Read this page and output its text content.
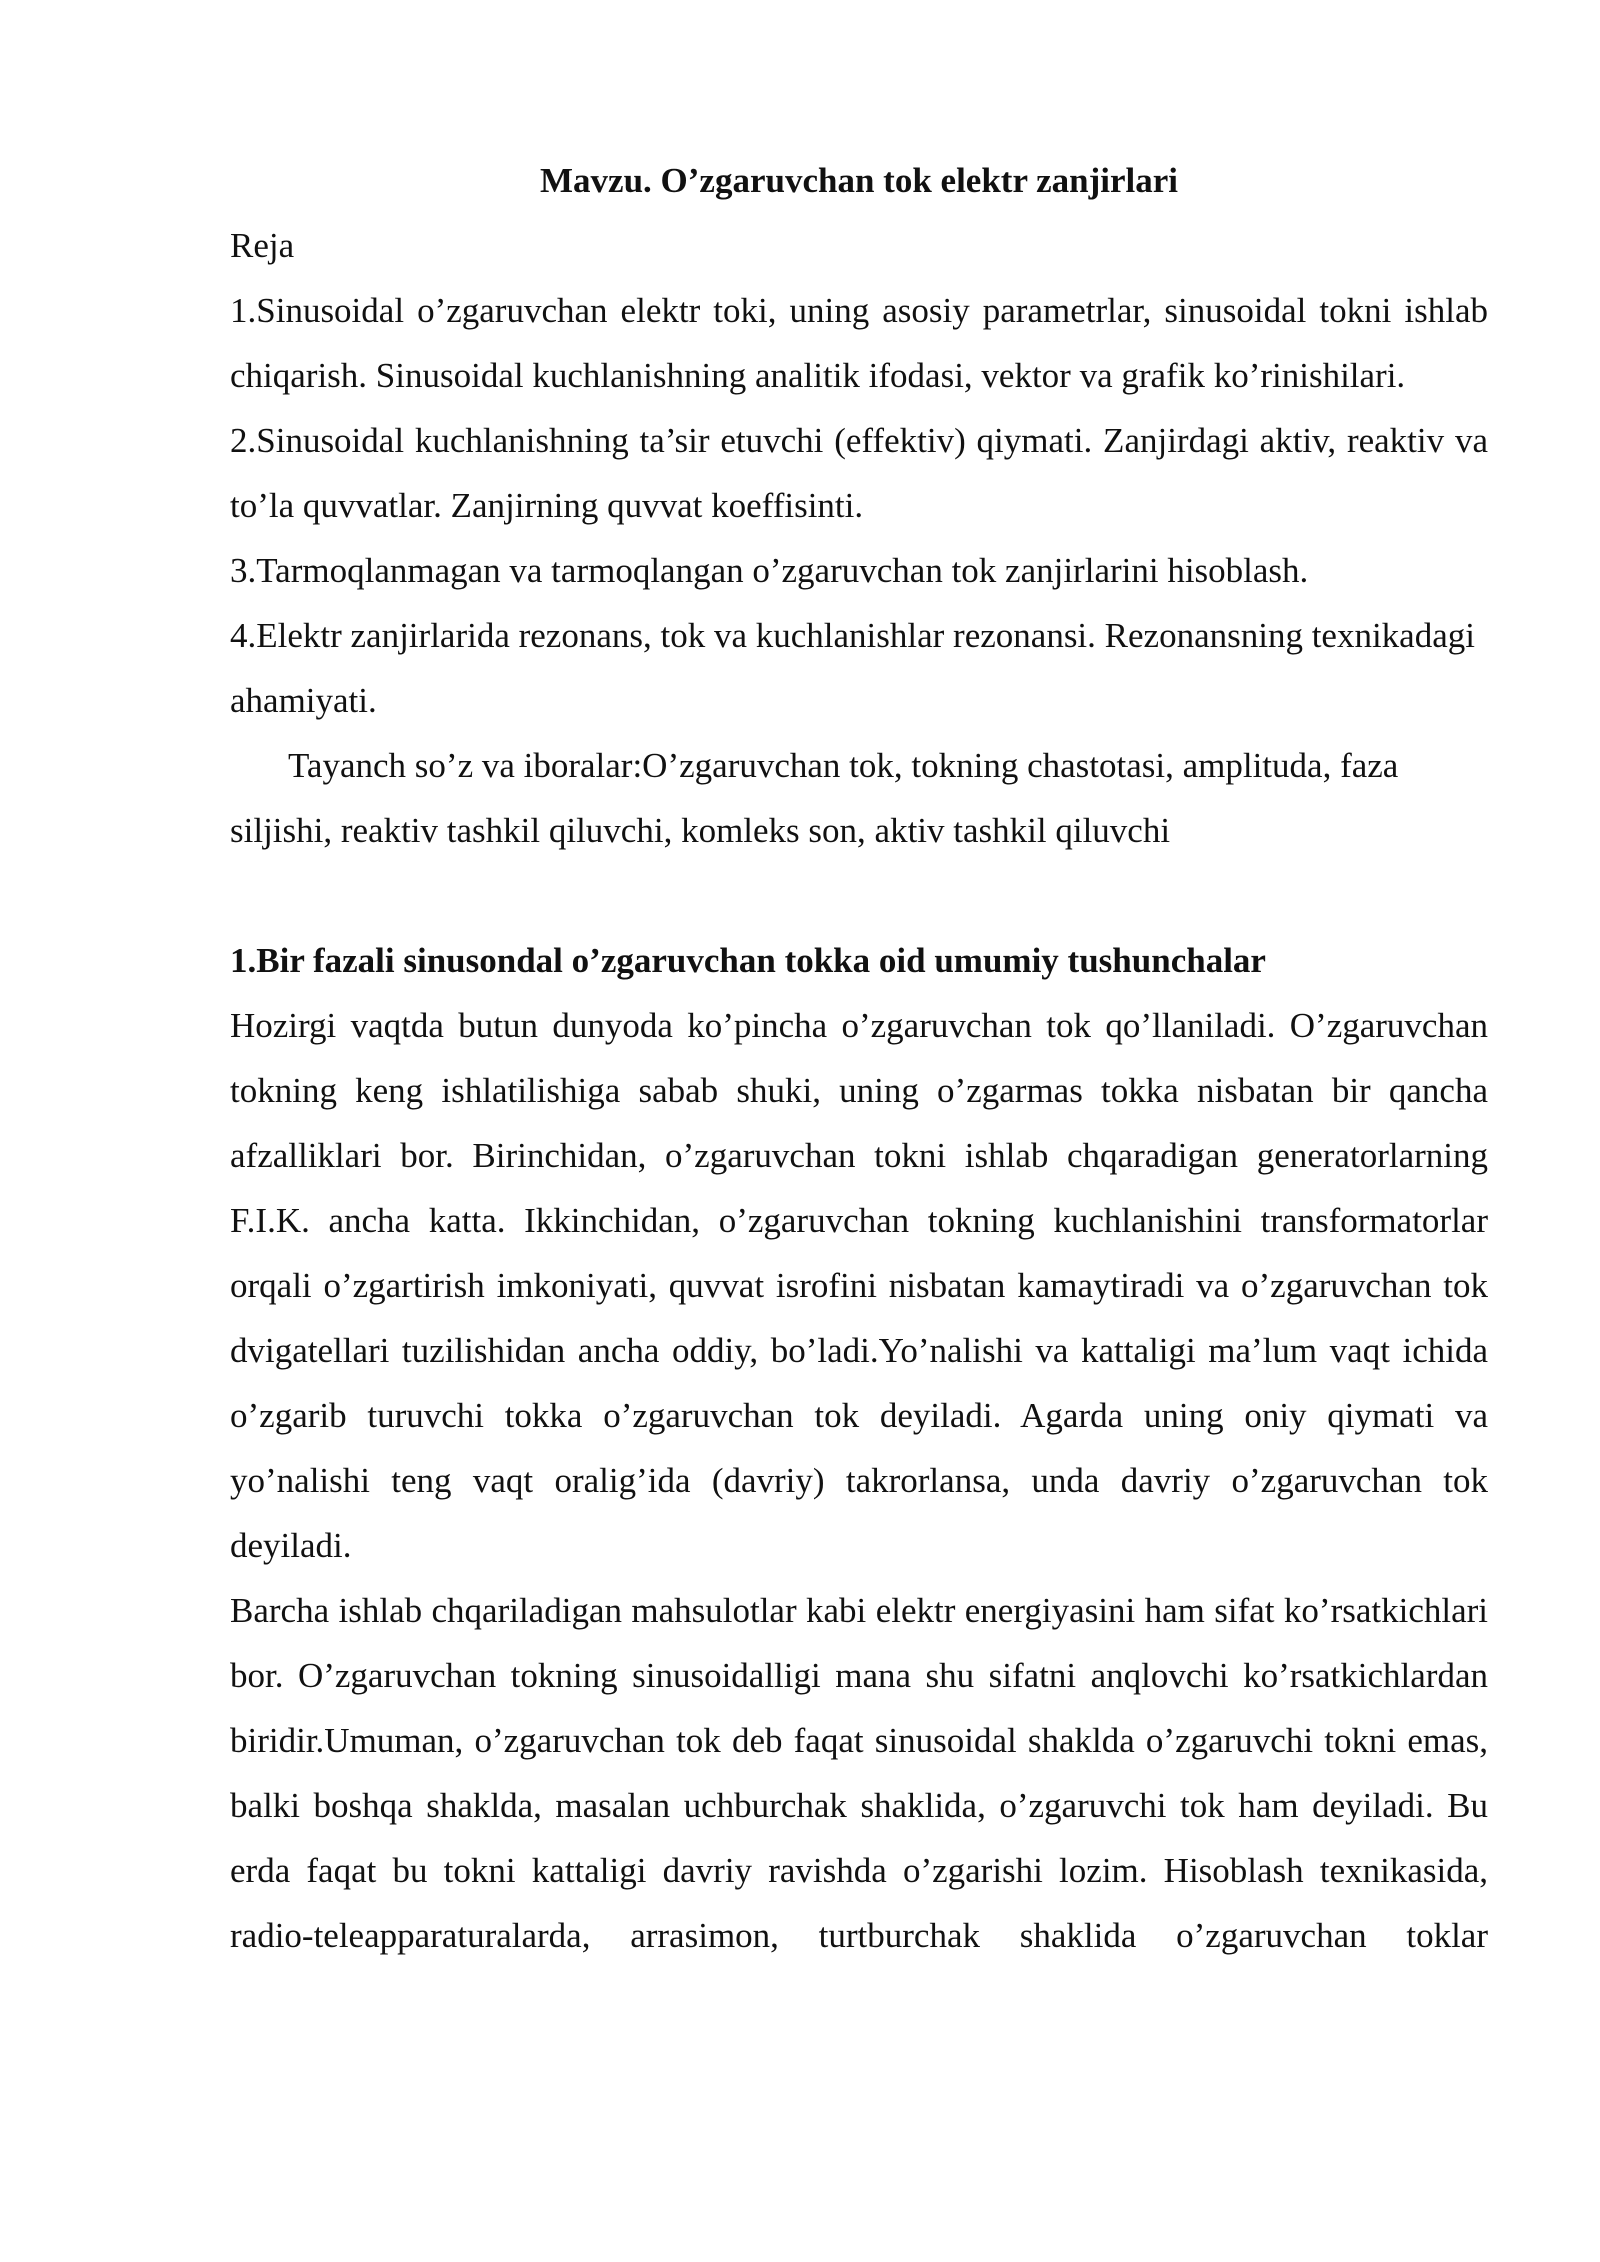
Mavzu. O’zgaruvchan tok elektr zanjirlari

Reja

1.Sinusoidal o’zgaruvchan elektr toki, uning asosiy parametrlar, sinusoidal tokni ishlab chiqarish. Sinusoidal kuchlanishning analitik ifodasi, vektor va grafik ko’rinishilari.

2.Sinusoidal kuchlanishning ta’sir etuvchi (effektiv) qiymati. Zanjirdagi aktiv, reaktiv va to’la quvvatlar. Zanjirning quvvat koeffisinti.

3.Tarmoqlanmagan va tarmoqlangan o’zgaruvchan tok zanjirlarini hisoblash.

4.Elektr zanjirlarida rezonans, tok va kuchlanishlar rezonansi. Rezonansning texnikadagi ahamiyati.

Tayanch so’z va iboralar:O’zgaruvchan tok, tokning chastotasi, amplituda, faza siljishi, reaktiv tashkil qiluvchi, komleks son, aktiv tashkil qiluvchi

1.Bir fazali sinusondal o’zgaruvchan tokka oid umumiy tushunchalar

Hozirgi vaqtda butun dunyoda ko’pincha o’zgaruvchan tok qo’llaniladi. O’zgaruvchan tokning keng ishlatilishiga sabab shuki, uning o’zgarmas tokka nisbatan bir qancha afzalliklari bor. Birinchidan, o’zgaruvchan tokni ishlab chqaradigan generatorlarning F.I.K. ancha katta. Ikkinchidan, o’zgaruvchan tokning kuchlanishini transformatorlar orqali o’zgartirish imkoniyati, quvvat isrofini nisbatan kamaytiradi va o’zgaruvchan tok dvigatellari tuzilishidan ancha oddiy, bo’ladi.Yo’nalishi va kattaligi ma’lum vaqt ichida o’zgarib turuvchi tokka o’zgaruvchan tok deyiladi. Agarda uning oniy qiymati va yo’nalishi teng vaqt oralig’ida (davriy) takrorlansa, unda davriy o’zgaruvchan tok deyiladi.

Barcha ishlab chqariladigan mahsulotlar kabi elektr energiyasini ham sifat ko’rsatkichlari bor. O’zgaruvchan tokning sinusoidalligi mana shu sifatni anqlovchi ko’rsatkichlardan biridir.Umuman, o’zgaruvchan tok deb faqat sinusoidal shaklda o’zgaruvchi tokni emas, balki boshqa shaklda, masalan uchburchak shaklida, o’zgaruvchi tok ham deyiladi. Bu erda faqat bu tokni kattaligi davriy ravishda o’zgarishi lozim. Hisoblash texnikasida, radio-teleapparaturalarda, arrasimon, turtburchak shaklida o’zgaruvchan toklar
